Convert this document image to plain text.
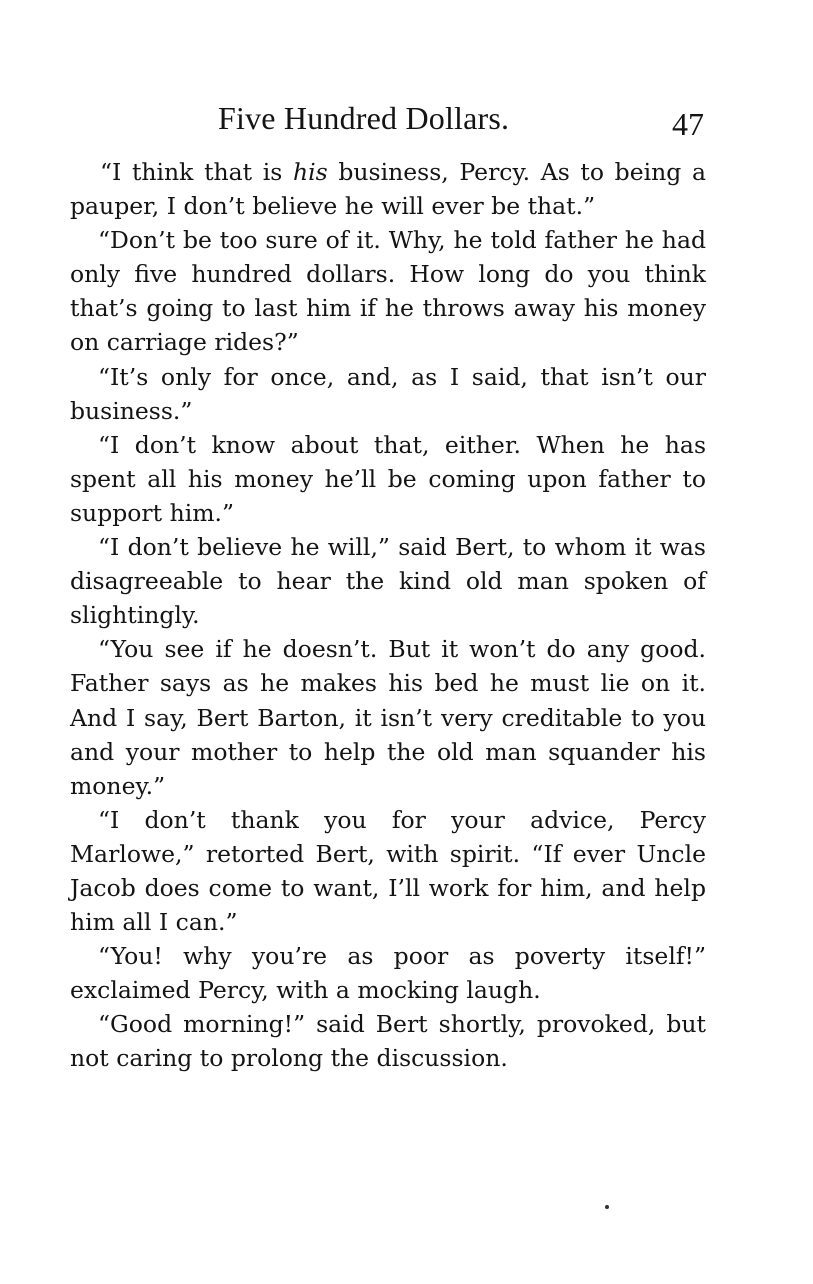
Five Hundred Dollars.	47

“I think that is his business, Percy. As to being a pauper, I don’t believe he will ever be that.”

“Don’t be too sure of it. Why, he told father he had only five hundred dollars. How long do you think that’s going to last him if he throws away his money on carriage rides?”

“It’s only for once, and, as I said, that isn’t our business.”

“I don’t know about that, either. When he has spent all his money he’ll be coming upon father to support him.”

“I don’t believe he will,” said Bert, to whom it was disagreeable to hear the kind old man spoken of slightingly.

“You see if he doesn’t. But it won’t do any good. Father says as he makes his bed he must lie on it. And I say, Bert Barton, it isn’t very creditable to you and your mother to help the old man squander his money.”

“I don’t thank you for your advice, Percy Marlowe,” retorted Bert, with spirit. “If ever Uncle Jacob does come to want, I’ll work for him, and help him all I can.”

“You! why you’re as poor as poverty itself!” exclaimed Percy, with a mocking laugh.

“Good morning!” said Bert shortly, provoked, but not caring to prolong the discussion.
